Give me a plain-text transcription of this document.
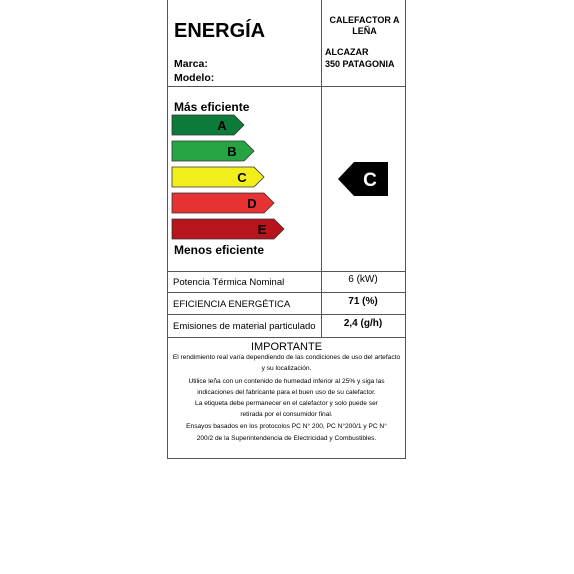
ENERGÍA
Marca:
Modelo:
CALEFACTOR A LEÑA
ALCAZAR
350 PATAGONIA
Más eficiente
A
B
C
D
E
Menos eficiente
C
Potencia Térmica Nominal	6 (kW)
EFICIENCIA ENERGÉTICA	71 (%)
Emisiones de material particulado	2,4 (g/h)
IMPORTANTE
El rendimiento real varía dependiendo de las condiciones de uso del artefacto
y su localización.
Utilice leña con un contenido de humedad inferior al 25% y siga las
indicaciones del fabricante para el buen uso de su calefactor.
La etiqueta debe permanecer en el calefactor y solo puede ser
retirada por el consumidor final.
Ensayos basados en los protocolos PC N° 200, PC N°200/1 y PC N°
200/2 de la Superintendencia de Electricidad y Combustibles.
